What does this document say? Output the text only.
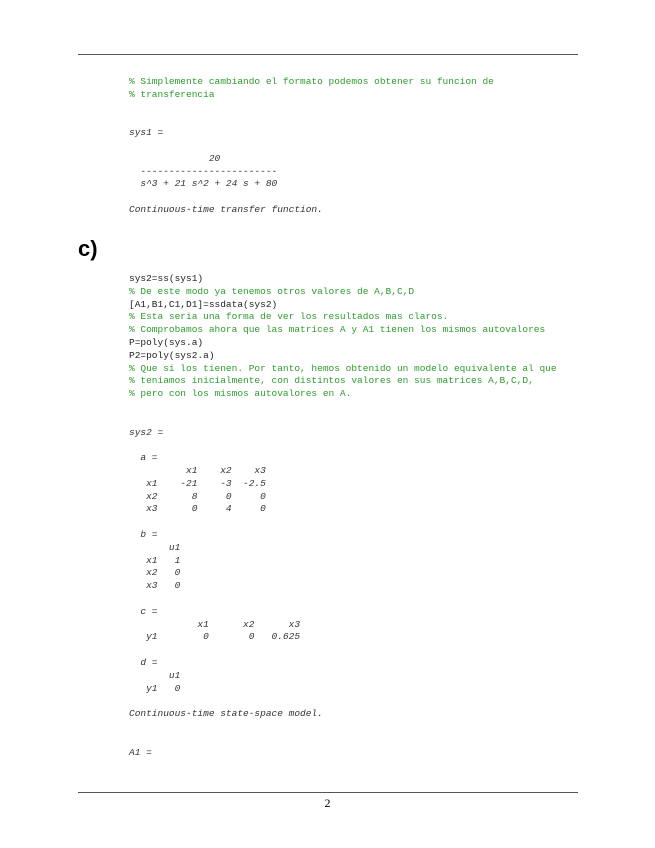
% Simplemente cambiando el formato podemos obtener su funcion de
% transferencia
sys1 =
20
------------------------
s^3 + 21 s^2 + 24 s + 80
Continuous-time transfer function.
c)
sys2=ss(sys1)
% De este modo ya tenemos otros valores de A,B,C,D
[A1,B1,C1,D1]=ssdata(sys2)
% Esta seria una forma de ver los resultados mas claros.
% Comprobamos ahora que las matrices A y A1 tienen los mismos autovalores
P=poly(sys.a)
P2=poly(sys2.a)
% Que si los tienen. Por tanto, hemos obtenido un modelo equivalente al que
% teniamos inicialmente, con distintos valores en sus matrices A,B,C,D,
% pero con los mismos autovalores en A.
sys2 =
a =
x1    x2    x3
x1    -21    -3  -2.5
x2      8     0     0
x3      0     4     0
b =
u1
x1   1
x2   0
x3   0
c =
x1      x2      x3
y1        0       0   0.625
d =
u1
y1   0
Continuous-time state-space model.
A1 =
2
